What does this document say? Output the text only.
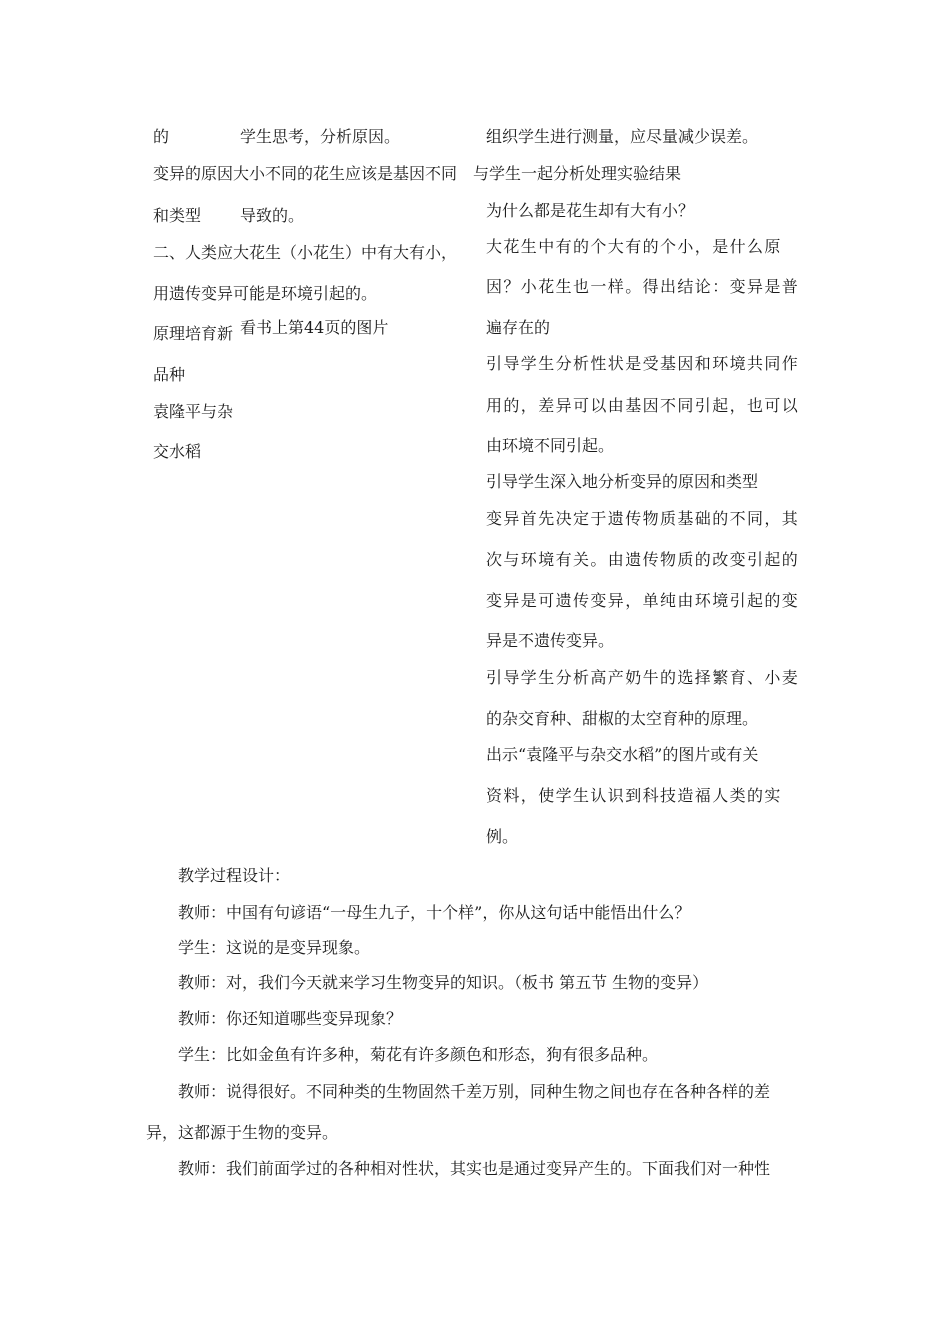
的

变异的原因

和类型

二、人类应

用遗传变异

原理培育新

品种

袁隆平与杂

交水稻

学生思考，分析原因。

大小不同的花生应该是基因不同

导致的。

大花生（小花生）中有大有小，

可能是环境引起的。

看书上第44页的图片

组织学生进行测量，应尽量减少误差。

与学生一起分析处理实验结果

为什么都是花生却有大有小？

大花生中有的个大有的个小，是什么原

因？小花生也一样。得出结论：变异是普

遍存在的

引导学生分析性状是受基因和环境共同作

用的，差异可以由基因不同引起，也可以

由环境不同引起。

引导学生深入地分析变异的原因和类型

变异首先决定于遗传物质基础的不同，其

次与环境有关。由遗传物质的改变引起的

变异是可遗传变异，单纯由环境引起的变

异是不遗传变异。

引导学生分析高产奶牛的选择繁育、小麦

的杂交育种、甜椒的太空育种的原理。

出示“袁隆平与杂交水稻”的图片或有关

资料，使学生认识到科技造福人类的实

例。

教学过程设计：

教师：中国有句谚语“一母生九子，十个样”，你从这句话中能悟出什么？

学生：这说的是变异现象。

教师：对，我们今天就来学习生物变异的知识。（板书 第五节 生物的变异）

教师：你还知道哪些变异现象？

学生：比如金鱼有许多种，菊花有许多颜色和形态，狗有很多品种。

教师：说得很好。不同种类的生物固然千差万别，同种生物之间也存在各种各样的差

异，这都源于生物的变异。

教师：我们前面学过的各种相对性状，其实也是通过变异产生的。下面我们对一种性
